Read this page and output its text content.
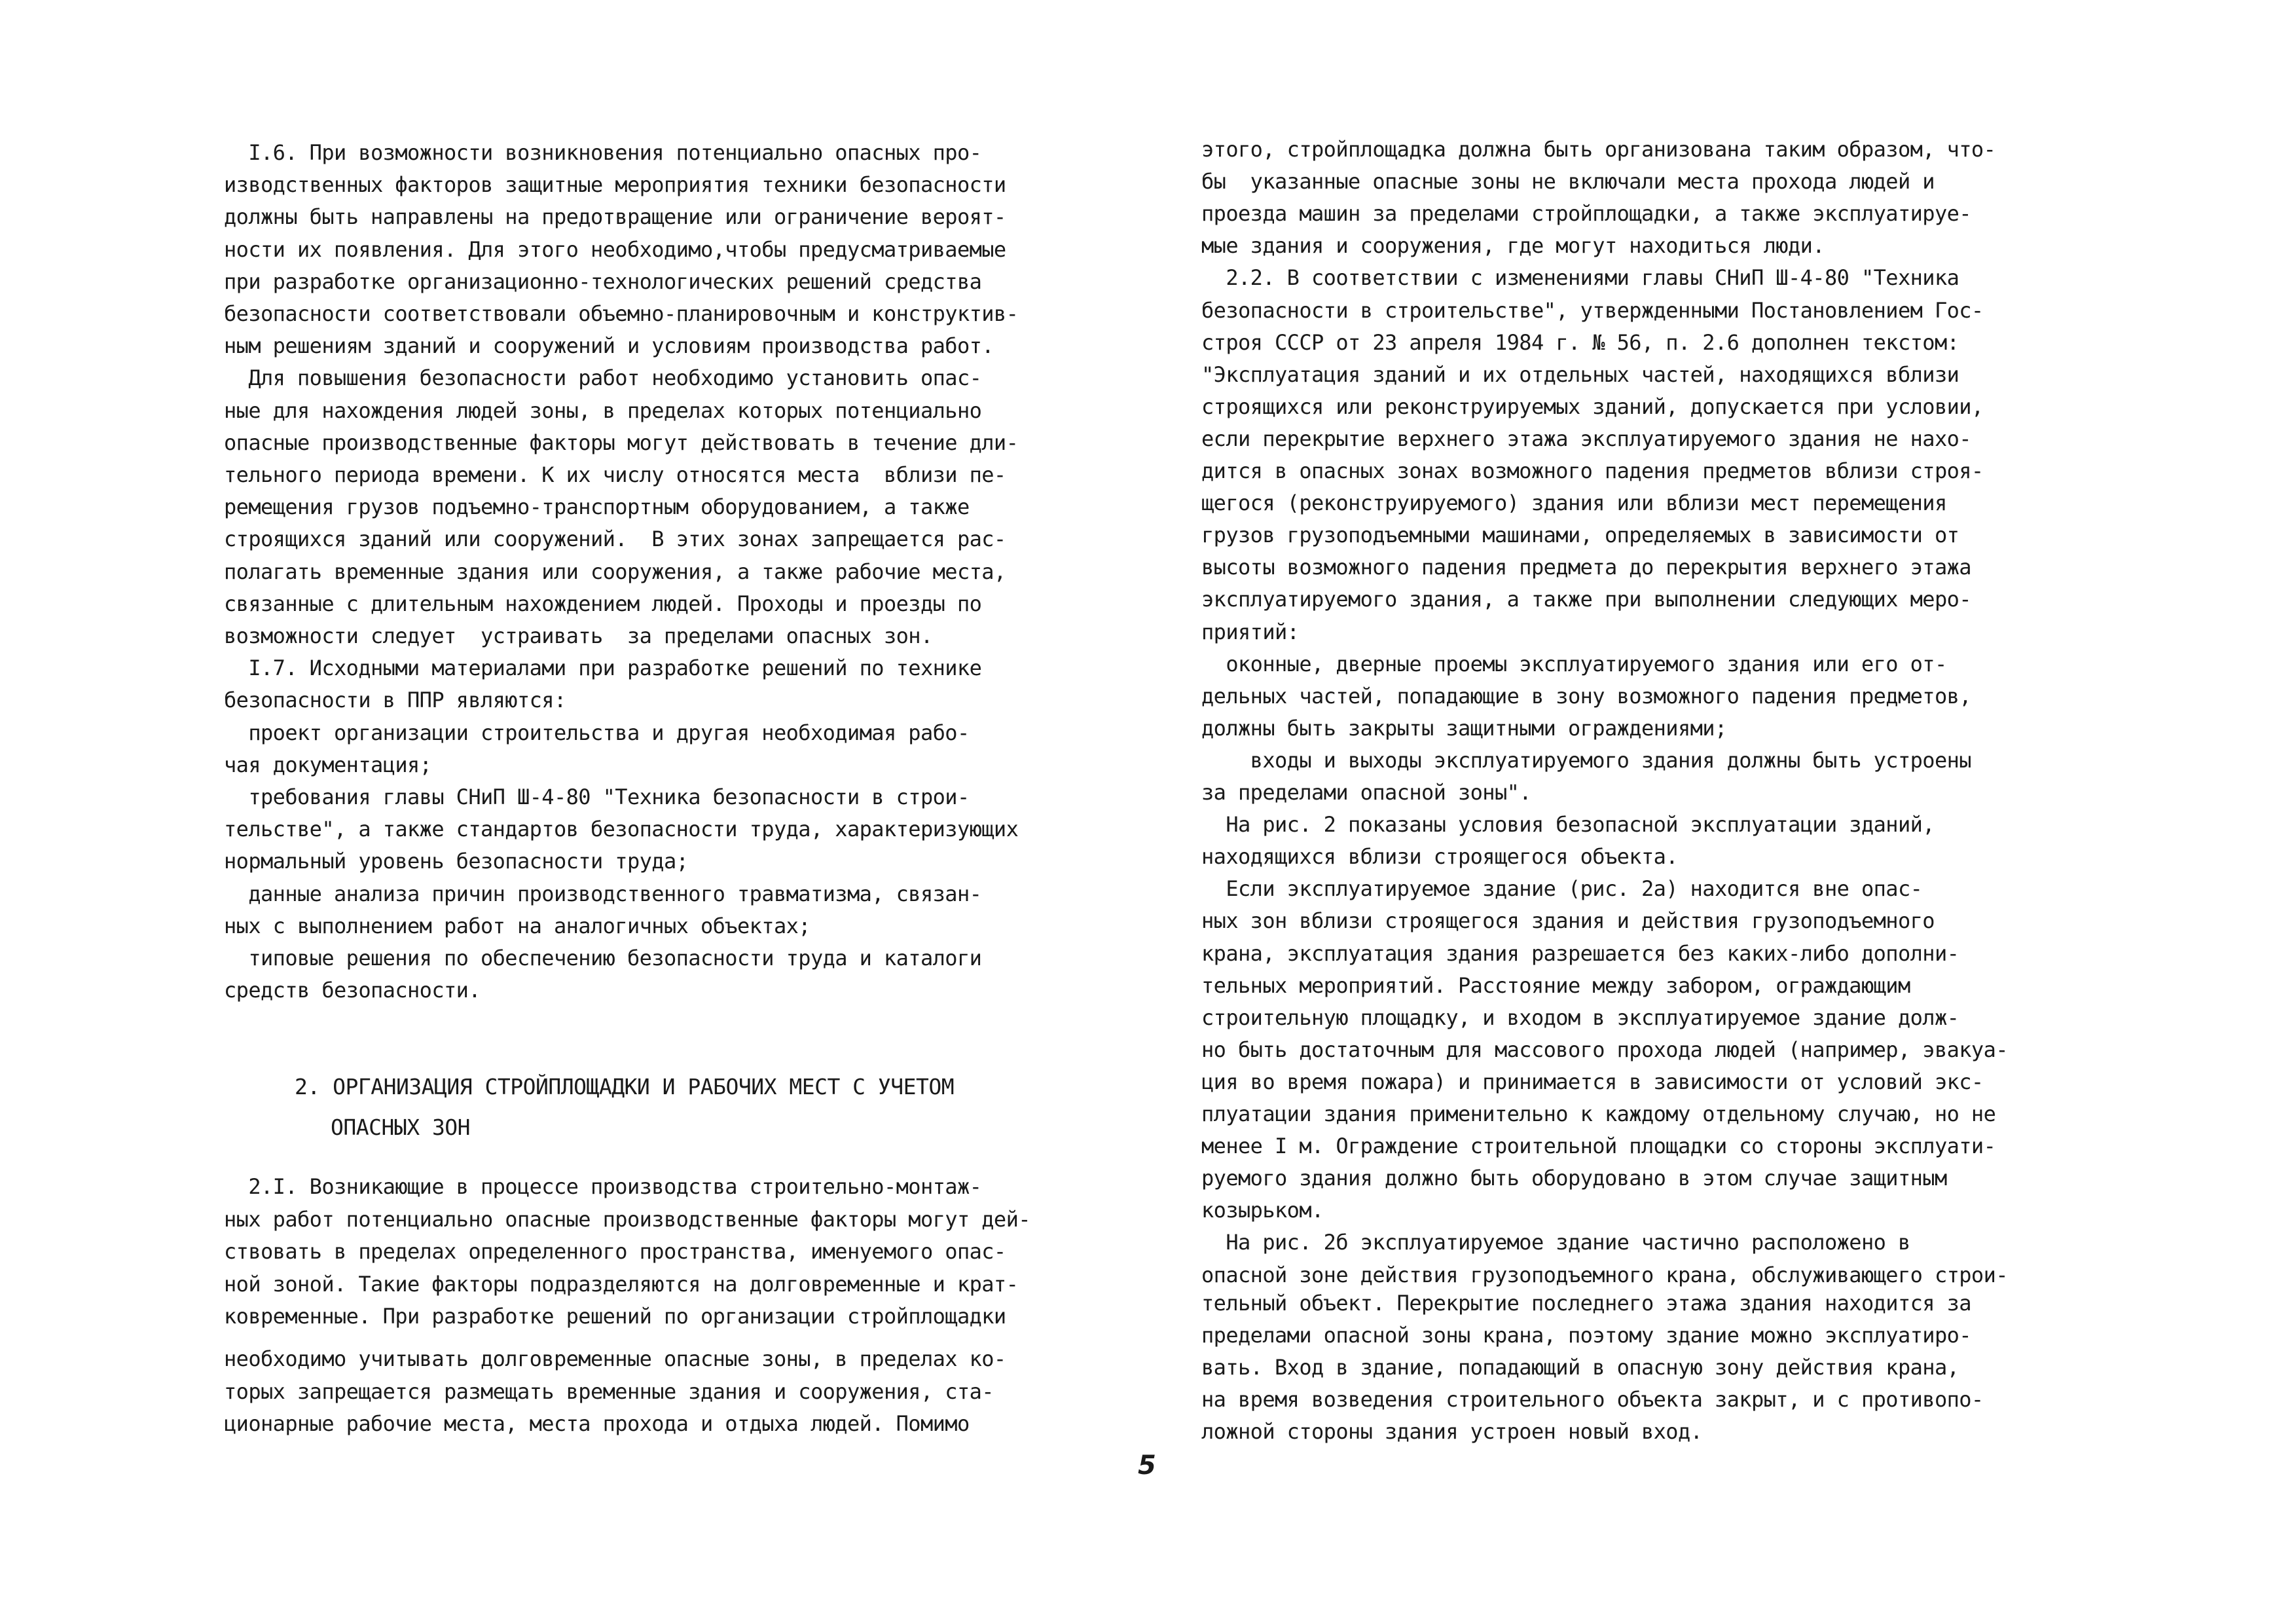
I.6. При возможности возникновения потенциально опасных про-
изводственных факторов защитные мероприятия техники безопасности
должны быть направлены на предотвращение или ограничение вероят-
ности их появления. Для этого необходимо,чтобы предусматриваемые
при разработке организационно-технологических решений средства
безопасности соответствовали объемно-планировочным и конструктив-
ным решениям зданий и сооружений и условиям производства работ.
Для повышения безопасности работ необходимо установить опас-
ные для нахождения людей зоны, в пределах которых потенциально
опасные производственные факторы могут действовать в течение дли-
тельного периода времени. К их числу относятся места  вблизи пе-
ремещения грузов подъемно-транспортным оборудованием, а также
строящихся зданий или сооружений.  В этих зонах запрещается рас-
полагать временные здания или сооружения, а также рабочие места,
связанные с длительным нахождением людей. Проходы и проезды по
возможности следует  устраивать  за пределами опасных зон.
I.7. Исходными материалами при разработке решений по технике
безопасности в ППР являются:
проект организации строительства и другая необходимая рабо-
чая документация;
требования главы СНиП Ш-4-80 "Техника безопасности в строи-
тельстве", а также стандартов безопасности труда, характеризующих
нормальный уровень безопасности труда;
данные анализа причин производственного травматизма, связан-
ных с выполнением работ на аналогичных объектах;
типовые решения по обеспечению безопасности труда и каталоги
средств безопасности.
2. ОРГАНИЗАЦИЯ СТРОЙПЛОЩАДКИ И РАБОЧИХ МЕСТ С УЧЕТОМ
ОПАСНЫХ ЗОН
2.I. Возникающие в процессе производства строительно-монтаж-
ных работ потенциально опасные производственные факторы могут дей-
ствовать в пределах определенного пространства, именуемого опас-
ной зоной. Такие факторы подразделяются на долговременные и крат-
ковременные. При разработке решений по организации стройплощадки
необходимо учитывать долговременные опасные зоны, в пределах ко-
торых запрещается размещать временные здания и сооружения, ста-
ционарные рабочие места, места прохода и отдыха людей. Помимо
этого, стройплощадка должна быть организована таким образом, что-
бы  указанные опасные зоны не включали места прохода людей и
проезда машин за пределами стройплощадки, а также эксплуатируе-
мые здания и сооружения, где могут находиться люди.
2.2. В соответствии с изменениями главы СНиП Ш-4-80 "Техника
безопасности в строительстве", утвержденными Постановлением Гос-
строя СССР от 23 апреля 1984 г. № 56, п. 2.6 дополнен текстом:
"Эксплуатация зданий и их отдельных частей, находящихся вблизи
строящихся или реконструируемых зданий, допускается при условии,
если перекрытие верхнего этажа эксплуатируемого здания не нахо-
дится в опасных зонах возможного падения предметов вблизи строя-
щегося (реконструируемого) здания или вблизи мест перемещения
грузов грузоподъемными машинами, определяемых в зависимости от
высоты возможного падения предмета до перекрытия верхнего этажа
эксплуатируемого здания, а также при выполнении следующих меро-
приятий:
оконные, дверные проемы эксплуатируемого здания или его от-
дельных частей, попадающие в зону возможного падения предметов,
должны быть закрыты защитными ограждениями;
входы и выходы эксплуатируемого здания должны быть устроены
за пределами опасной зоны".
На рис. 2 показаны условия безопасной эксплуатации зданий,
находящихся вблизи строящегося объекта.
Если эксплуатируемое здание (рис. 2а) находится вне опас-
ных зон вблизи строящегося здания и действия грузоподъемного
крана, эксплуатация здания разрешается без каких-либо дополни-
тельных мероприятий. Расстояние между забором, ограждающим
строительную площадку, и входом в эксплуатируемое здание долж-
но быть достаточным для массового прохода людей (например, эвакуа-
ция во время пожара) и принимается в зависимости от условий экс-
плуатации здания применительно к каждому отдельному случаю, но не
менее I м. Ограждение строительной площадки со стороны эксплуати-
руемого здания должно быть оборудовано в этом случае защитным
козырьком.
На рис. 2б эксплуатируемое здание частично расположено в
опасной зоне действия грузоподъемного крана, обслуживающего строи-
тельный объект. Перекрытие последнего этажа здания находится за
пределами опасной зоны крана, поэтому здание можно эксплуатиро-
вать. Вход в здание, попадающий в опасную зону действия крана,
на время возведения строительного объекта закрыт, и с противопо-
ложной стороны здания устроен новый вход.
5
